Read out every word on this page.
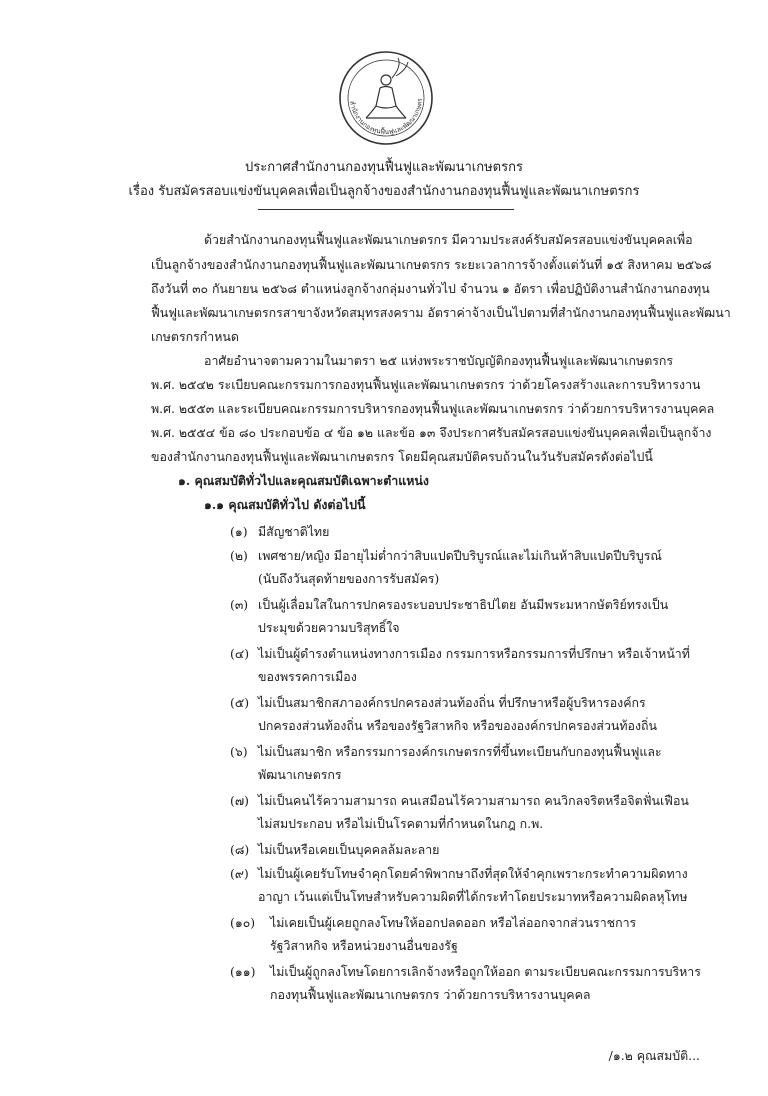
สำนักงานกองทุนฟื้นฟูและพัฒนาเกษตร
ประกาศสำนักงานกองทุนฟื้นฟูและพัฒนาเกษตรกร
เรื่อง รับสมัครสอบแข่งขันบุคคลเพื่อเป็นลูกจ้างของสำนักงานกองทุนฟื้นฟูและพัฒนาเกษตรกร
ด้วยสำนักงานกองทุนฟื้นฟูและพัฒนาเกษตรกร มีความประสงค์รับสมัครสอบแข่งขันบุคคลเพื่อ
เป็นลูกจ้างของสำนักงานกองทุนฟื้นฟูและพัฒนาเกษตรกร ระยะเวลาการจ้างตั้งแต่วันที่ ๑๕ สิงหาคม ๒๕๖๘
ถึงวันที่ ๓๐ กันยายน ๒๕๖๘ ตำแหน่งลูกจ้างกลุ่มงานทั่วไป จำนวน ๑ อัตรา เพื่อปฏิบัติงานสำนักงานกองทุน
ฟื้นฟูและพัฒนาเกษตรกรสาขาจังหวัดสมุทรสงคราม อัตราค่าจ้างเป็นไปตามที่สำนักงานกองทุนฟื้นฟูและพัฒนา
เกษตรกรกำหนด
อาศัยอำนาจตามความในมาตรา ๒๕ แห่งพระราชบัญญัติกองทุนฟื้นฟูและพัฒนาเกษตรกร
พ.ศ. ๒๕๔๒ ระเบียบคณะกรรมการกองทุนฟื้นฟูและพัฒนาเกษตรกร ว่าด้วยโครงสร้างและการบริหารงาน
พ.ศ. ๒๕๕๓ และระเบียบคณะกรรมการบริหารกองทุนฟื้นฟูและพัฒนาเกษตรกร ว่าด้วยการบริหารงานบุคคล
พ.ศ. ๒๕๕๔ ข้อ ๘๐ ประกอบข้อ ๔ ข้อ ๑๒ และข้อ ๑๓ จึงประกาศรับสมัครสอบแข่งขันบุคคลเพื่อเป็นลูกจ้าง
ของสำนักงานกองทุนฟื้นฟูและพัฒนาเกษตรกร โดยมีคุณสมบัติครบถ้วนในวันรับสมัครดังต่อไปนี้
๑. คุณสมบัติทั่วไปและคุณสมบัติเฉพาะตำแหน่ง
๑.๑ คุณสมบัติทั่วไป ดังต่อไปนี้
(๑) มีสัญชาติไทย
(๒) เพศชาย/หญิง มีอายุไม่ต่ำกว่าสิบแปดปีบริบูรณ์และไม่เกินห้าสิบแปดปีบริบูรณ์
(นับถึงวันสุดท้ายของการรับสมัคร)
(๓) เป็นผู้เลื่อมใสในการปกครองระบอบประชาธิปไตย อันมีพระมหากษัตริย์ทรงเป็น
ประมุขด้วยความบริสุทธิ์ใจ
(๔) ไม่เป็นผู้ดำรงตำแหน่งทางการเมือง กรรมการหรือกรรมการที่ปรึกษา หรือเจ้าหน้าที่
ของพรรคการเมือง
(๕) ไม่เป็นสมาชิกสภาองค์กรปกครองส่วนท้องถิ่น ที่ปรึกษาหรือผู้บริหารองค์กร
ปกครองส่วนท้องถิ่น หรือของรัฐวิสาหกิจ หรือขององค์กรปกครองส่วนท้องถิ่น
(๖) ไม่เป็นสมาชิก หรือกรรมการองค์กรเกษตรกรที่ขึ้นทะเบียนกับกองทุนฟื้นฟูและ
พัฒนาเกษตรกร
(๗) ไม่เป็นคนไร้ความสามารถ คนเสมือนไร้ความสามารถ คนวิกลจริตหรือจิตฟั่นเฟือน
ไม่สมประกอบ หรือไม่เป็นโรคตามที่กำหนดในกฎ ก.พ.
(๘) ไม่เป็นหรือเคยเป็นบุคคลล้มละลาย
(๙) ไม่เป็นผู้เคยรับโทษจำคุกโดยคำพิพากษาถึงที่สุดให้จำคุกเพราะกระทำความผิดทาง
อาญา เว้นแต่เป็นโทษสำหรับความผิดที่ได้กระทำโดยประมาทหรือความผิดลหุโทษ
(๑๐) ไม่เคยเป็นผู้เคยถูกลงโทษให้ออกปลดออก หรือไล่ออกจากส่วนราชการ
รัฐวิสาหกิจ หรือหน่วยงานอื่นของรัฐ
(๑๑) ไม่เป็นผู้ถูกลงโทษโดยการเลิกจ้างหรือถูกให้ออก ตามระเบียบคณะกรรมการบริหาร
กองทุนฟื้นฟูและพัฒนาเกษตรกร ว่าด้วยการบริหารงานบุคคล
/๑.๒ คุณสมบัติ...
